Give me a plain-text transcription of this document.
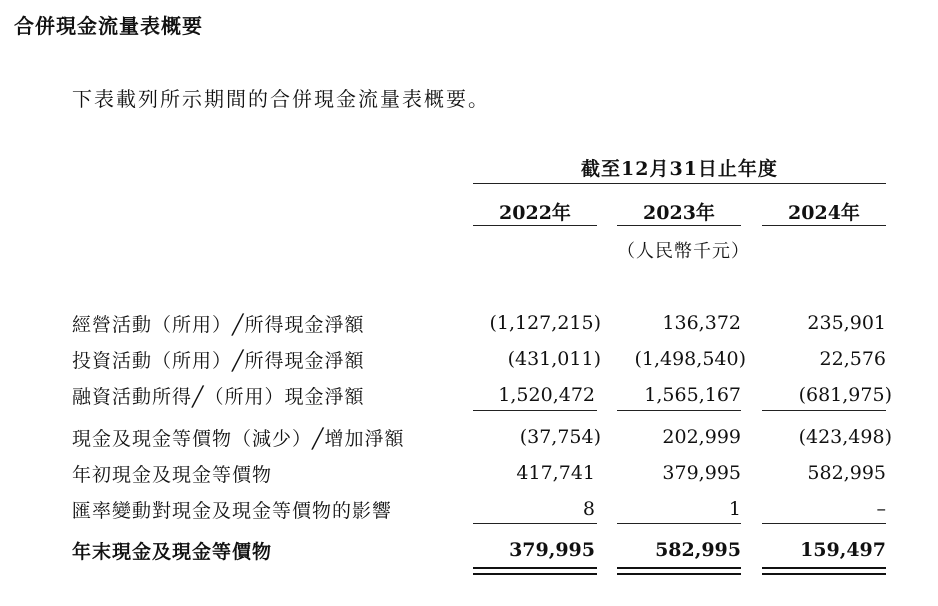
合併現金流量表概要
下表載列所示期間的合併現金流量表概要。
截至12月31日止年度
2022年	2023年	2024年
（人民幣千元）
經營活動（所用）╱所得現金淨額	(1,127,215)	136,372	235,901
投資活動（所用）╱所得現金淨額	(431,011) (1,498,540)	22,576
融資活動所得╱（所用）現金淨額	1,520,472	1,565,167	(681,975)
現金及現金等價物（減少）╱增加淨額	(37,754)	202,999	(423,498)
年初現金及現金等價物	417,741	379,995	582,995
匯率變動對現金及現金等價物的影響	8	1	–
年末現金及現金等價物	379,995	582,995	159,497
